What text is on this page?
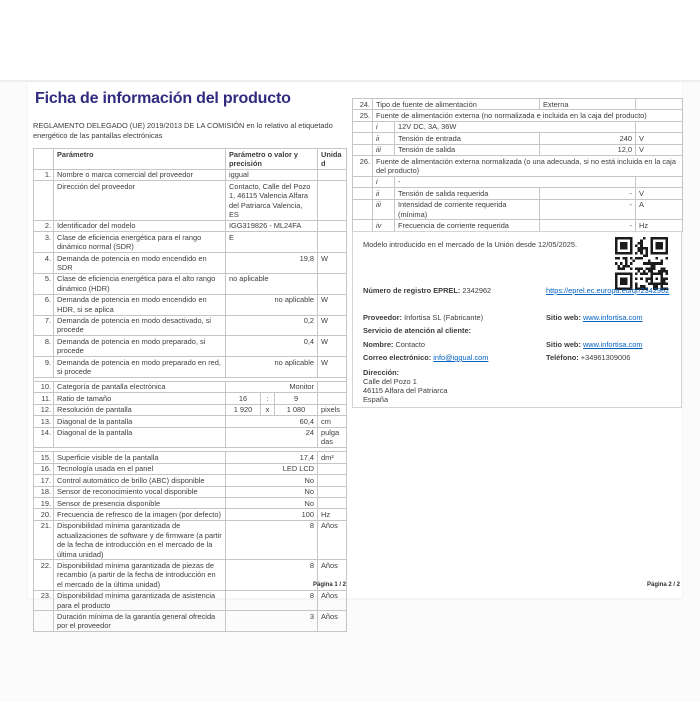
Ficha de información del producto

REGLAMENTO DELEGADO (UE) 2019/2013 DE LA COMISIÓN en lo relativo al etiquetado energético de las pantallas electrónicas

	Parámetro	Parámetro o valor y precisión	Unidad
1.	Nombre o marca comercial del proveedor	iggual	
	Dirección del proveedor	Contacto, Calle del Pozo 1, 46115 Valencia Alfara del Patriarca Valencia, ES	
2.	Identificador del modelo	IGG319826 - ML24FA	
3.	Clase de eficiencia energética para el rango dinámico normal (SDR)	E	
4.	Demanda de potencia en modo encendido en SDR	19,8	W
5.	Clase de eficiencia energética para el alto rango dinámico (HDR)	no aplicable	
6.	Demanda de potencia en modo encendido en HDR, si se aplica	no aplicable	W
7.	Demanda de potencia en modo desactivado, si procede	0,2	W
8.	Demanda de potencia en modo preparado, si procede	0,4	W
9.	Demanda de potencia en modo preparado en red, si procede	no aplicable	W

10.	Categoría de pantalla electrónica	Monitor	
11.	Ratio de tamaño	16 : 9	

12.	Resolución de pantalla	1 920 x 1 080	pixels
13.	Diagonal de la pantalla	60,4	cm
14.	Diagonal de la pantalla	24	pulgadas

15.	Superficie visible de la pantalla	17,4	dm²
16.	Tecnología usada en el panel	LED LCD	
17.	Control automático de brillo (ABC) disponible	No	
18.	Sensor de reconocimiento vocal disponible	No	
19.	Sensor de presencia disponible	No	
20.	Frecuencia de refresco de la imagen (por defecto)	100	Hz
21.	Disponibilidad mínima garantizada de actualizaciones de software y de firmware (a partir de la fecha de introducción en el mercado de la última unidad)	8	Años
22.	Disponibilidad mínima garantizada de piezas de recambio (a partir de la fecha de introducción en el mercado de la última unidad)	8	Años
23.	Disponibilidad mínima garantizada de asistencia para el producto	8	Años
	Duración mínima de la garantía general ofrecida por el proveedor	3	Años
Página 1 / 2
24.	Tipo de fuente de alimentación		Externa	
25.	Fuente de alimentación externa (no normalizada e incluida en la caja del producto)			
	i	12V DC, 3A, 36W		
	ii	Tensión de entrada	240	V
	iii	Tensión de salida	12,0	V
26.	Fuente de alimentación externa normalizada (o una adecuada, si no está incluida en la caja del producto)			
	i	-		
	ii	Tensión de salida requerida	-	V
	iii	Intensidad de corriente requerida (mínima)	-	A
	iv	Frecuencia de corriente requerida	-	Hz
Modelo introducido en el mercado de la Unión desde 12/05/2025.
Número de registro EPREL: 2342962	https://eprel.ec.europa.eu/qr/2342962
Proveedor: Infortisa SL (Fabricante)	Sitio web: www.infortisa.com
Servicio de atención al cliente:
Nombre: Contacto	Sitio web: www.infortisa.com
Correo electrónico: info@iggual.com	Teléfono: +34961309006
Dirección:
Calle del Pozo 1
46115 Alfara del Patriarca
España
Página 2 / 2
